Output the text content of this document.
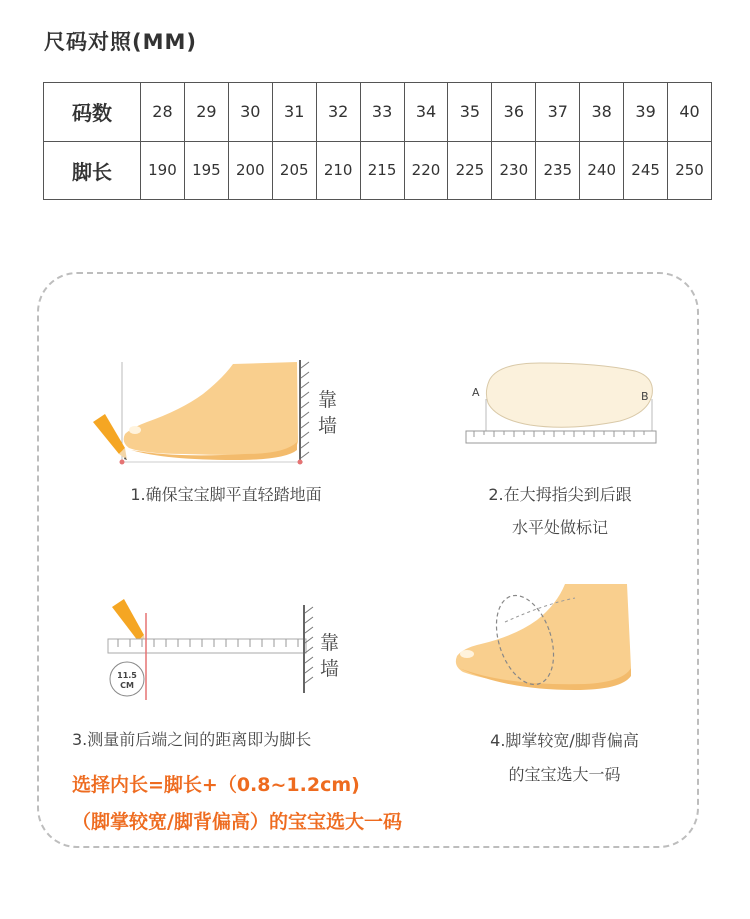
尺码对照(MM)
码数	28	29	30	31	32	33	34	35	36	37	38	39	40
脚长	190	195	200	205	210	215	220	225	230	235	240	245	250
靠
墙
1.确保宝宝脚平直轻踏地面
A	B
2.在大拇指尖到后跟
水平处做标记
11.5
CM
靠
墙
3.测量前后端之间的距离即为脚长	4.脚掌较宽/脚背偏高
的宝宝选大一码
选择内长=脚长+（0.8~1.2cm)
（脚掌较宽/脚背偏高）的宝宝选大一码
